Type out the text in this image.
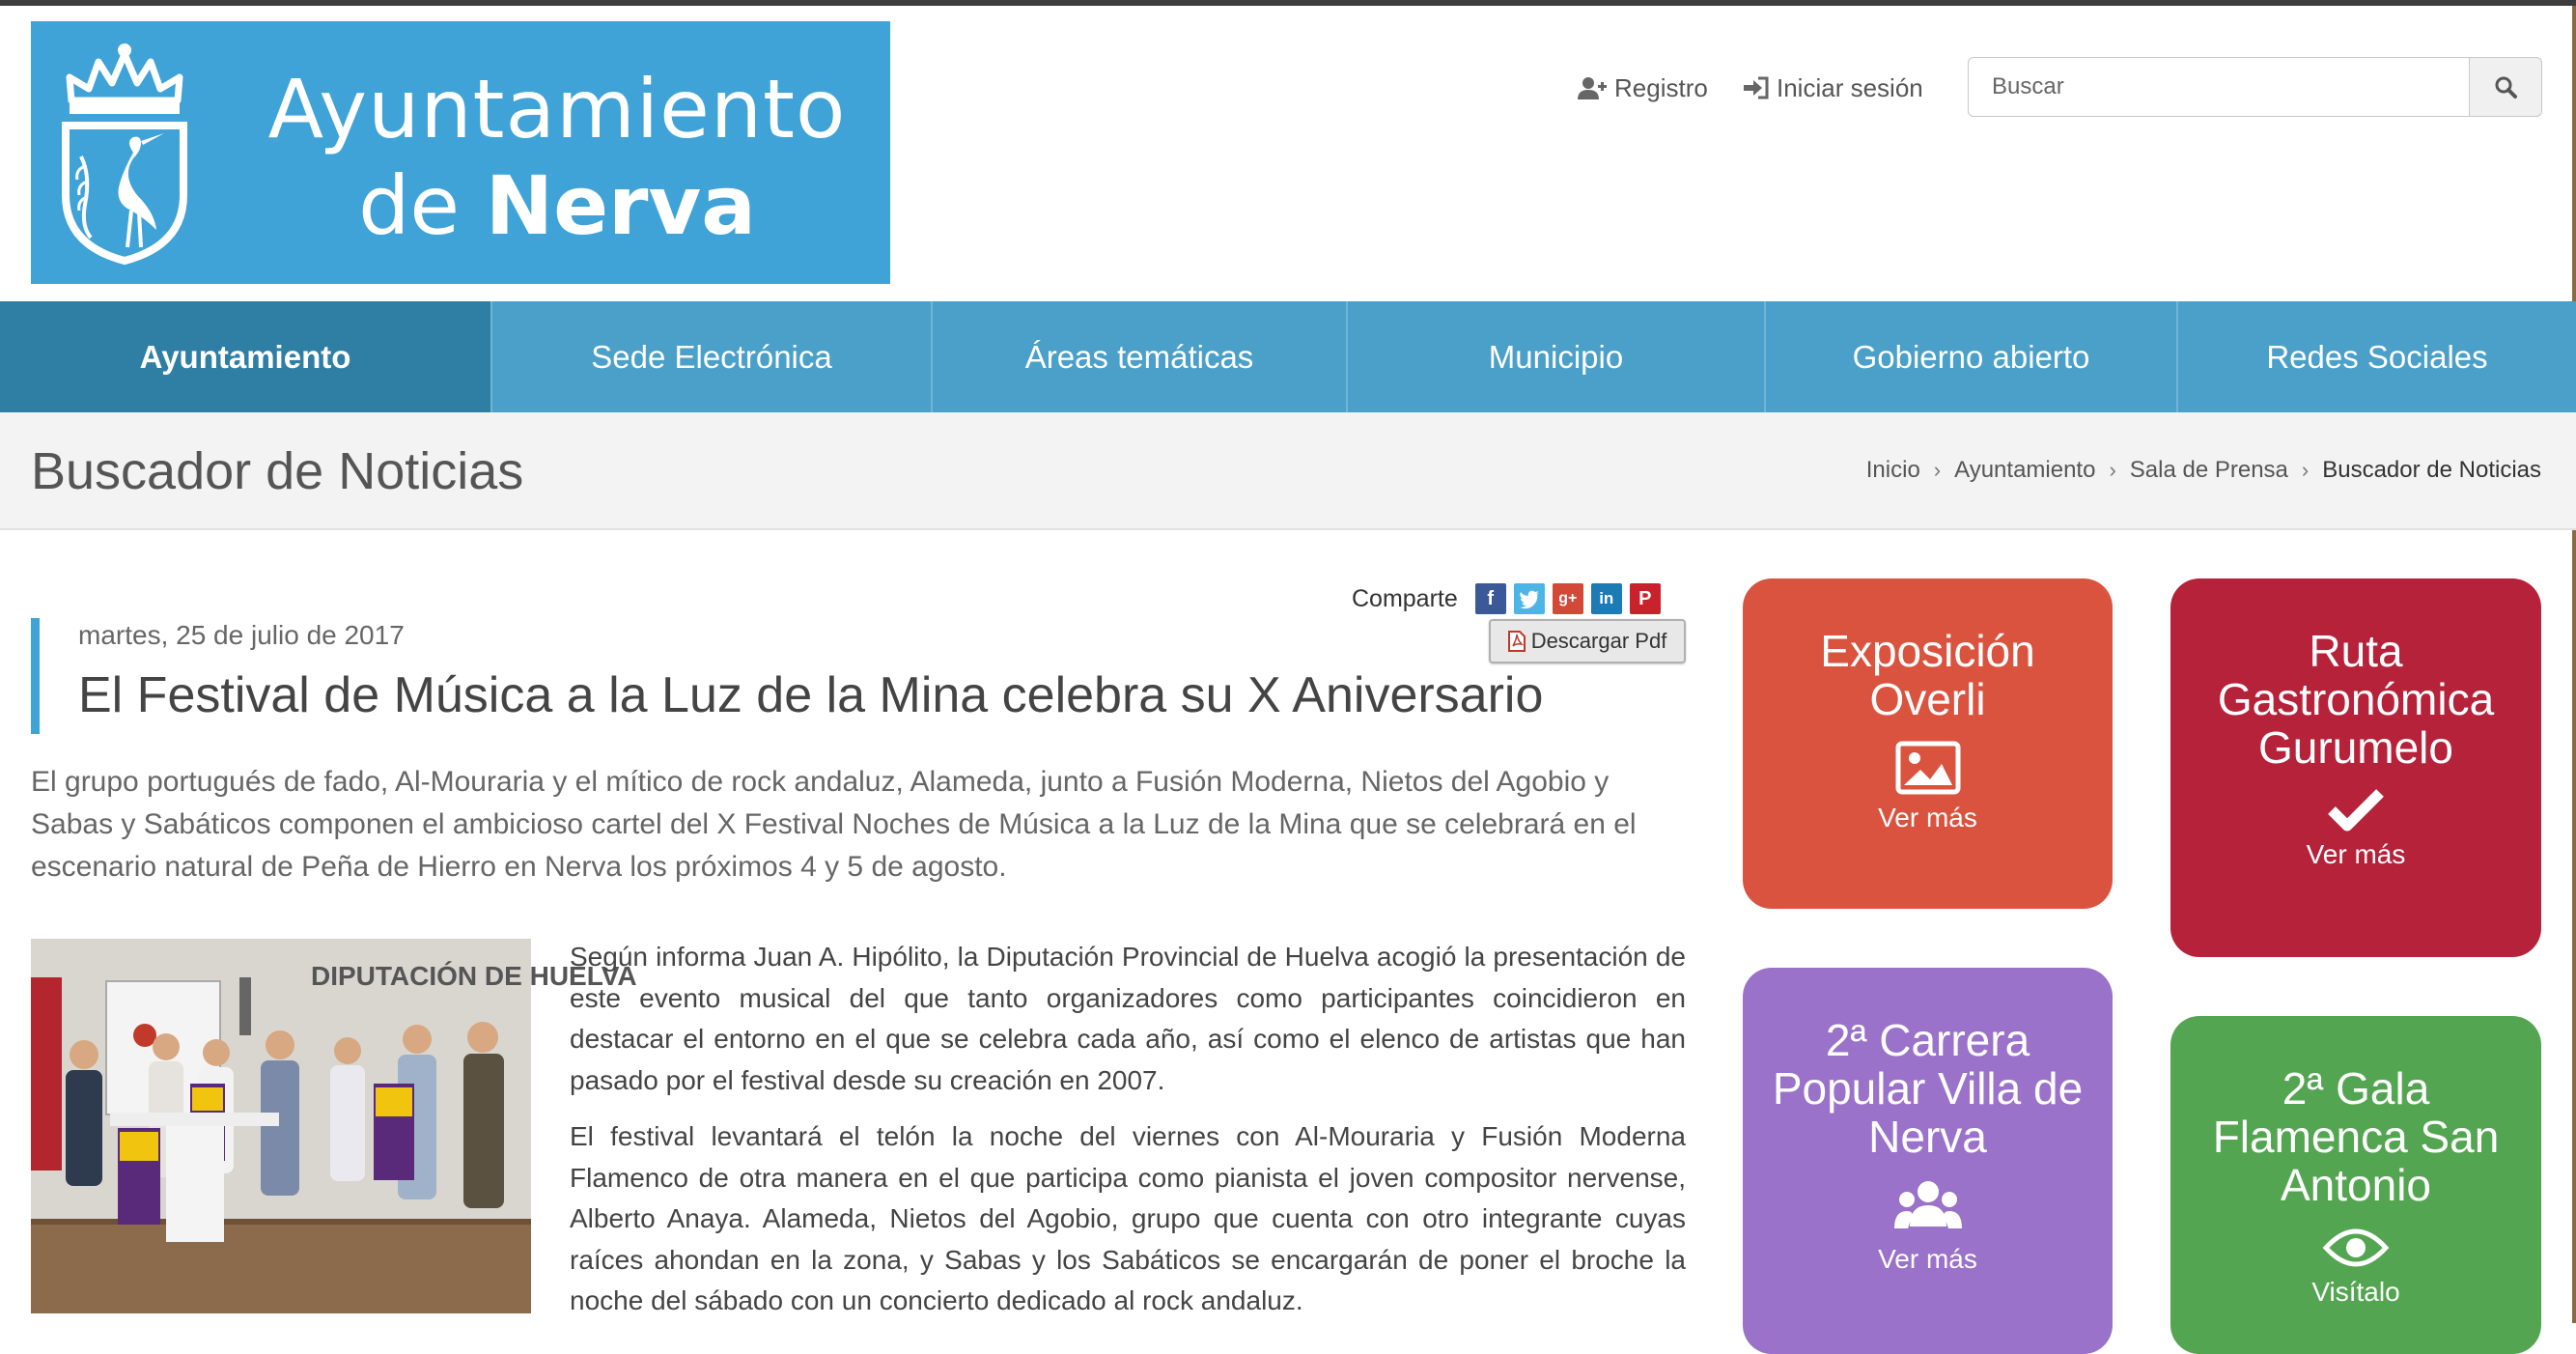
Ayuntamiento
de Nerva
Registro	Iniciar sesión
Buscar
Ayuntamiento	Sede Electrónica	Áreas temáticas	Municipio	Gobierno abierto	Redes Sociales
Buscador de Noticias	Inicio › Ayuntamiento › Sala de Prensa › Buscador de Noticias
Comparte	f	g+	in	P
Descargar Pdf
martes, 25 de julio de 2017
El Festival de Música a la Luz de la Mina celebra su X Aniversario

El grupo portugués de fado, Al-Mouraria y el mítico de rock andaluz, Alameda, junto a Fusión Moderna, Nietos del Agobio y Sabas y Sabáticos componen el ambicioso cartel del X Festival Noches de Música a la Luz de la Mina que se celebrará en el escenario natural de Peña de Hierro en Nerva los próximos 4 y 5 de agosto.

DIPUTACIÓN DE HUELVA

Según informa Juan A. Hipólito, la Diputación Provincial de Huelva acogió la presentación de este evento musical del que tanto organizadores como participantes coincidieron en destacar el entorno en el que se celebra cada año, así como el elenco de artistas que han pasado por el festival desde su creación en 2007.

El festival levantará el telón la noche del viernes con Al-Mouraria y Fusión Moderna Flamenco de otra manera en el que participa como pianista el joven compositor nervense, Alberto Anaya. Alameda, Nietos del Agobio, grupo que cuenta con otro integrante cuyas raíces ahondan en la zona, y Sabas y los Sabáticos se encargarán de poner el broche la noche del sábado con un concierto dedicado al rock andaluz.

Exposición Overli
Ver más
Ruta Gastronómica Gurumelo
Ver más
2ª Carrera Popular Villa de Nerva
Ver más
2ª Gala Flamenca San Antonio
Visítalo
